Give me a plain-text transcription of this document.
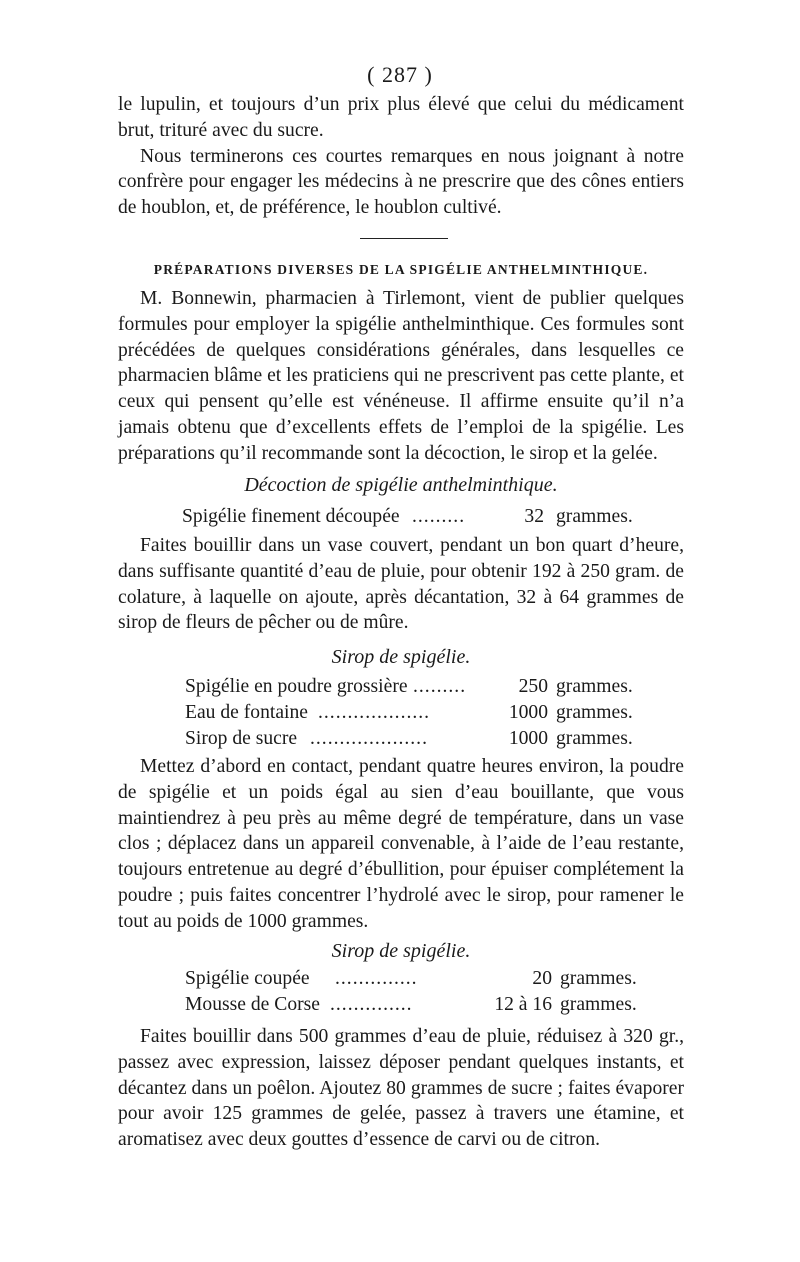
( 287 )

le lupulin, et toujours d’un prix plus élevé que celui du médicament brut, trituré avec du sucre.

Nous terminerons ces courtes remarques en nous joignant à notre confrère pour engager les médecins à ne prescrire que des cônes entiers de houblon, et, de préférence, le houblon cultivé.

PRÉPARATIONS DIVERSES DE LA SPIGÉLIE ANTHELMINTHIQUE.

M. Bonnewin, pharmacien à Tirlemont, vient de publier quelques formules pour employer la spigélie anthelminthique. Ces formules sont précédées de quelques considérations générales, dans lesquelles ce pharmacien blâme et les praticiens qui ne prescrivent pas cette plante, et ceux qui pensent qu’elle est vénéneuse. Il affirme ensuite qu’il n’a jamais obtenu que d’excellents effets de l’emploi de la spigélie. Les préparations qu’il recommande sont la décoction, le sirop et la gelée.

Décoction de spigélie anthelminthique.
Spigélie finement découpée .........	32 grammes.

Faites bouillir dans un vase couvert, pendant un bon quart d’heure, dans suffisante quantité d’eau de pluie, pour obtenir 192 à 250 gram. de colature, à laquelle on ajoute, après décantation, 32 à 64 grammes de sirop de fleurs de pêcher ou de mûre.

Sirop de spigélie.
Spigélie en poudre grossière .........	250 grammes.
Eau de fontaine ...................	1000 grammes.
Sirop de sucre ....................	1000 grammes.

Mettez d’abord en contact, pendant quatre heures environ, la poudre de spigélie et un poids égal au sien d’eau bouillante, que vous maintiendrez à peu près au même degré de température, dans un vase clos ; déplacez dans un appareil convenable, à l’aide de l’eau restante, toujours entretenue au degré d’ébullition, pour épuiser complétement la poudre ; puis faites concentrer l’hydrolé avec le sirop, pour ramener le tout au poids de 1000 grammes.

Sirop de spigélie.
Spigélie coupée ..............	20 grammes.
Mousse de Corse ..............	12 à 16 grammes.

Faites bouillir dans 500 grammes d’eau de pluie, réduisez à 320 gr., passez avec expression, laissez déposer pendant quelques instants, et décantez dans un poêlon. Ajoutez 80 grammes de sucre ; faites évaporer pour avoir 125 grammes de gelée, passez à travers une étamine, et aromatisez avec deux gouttes d’essence de carvi ou de citron.
